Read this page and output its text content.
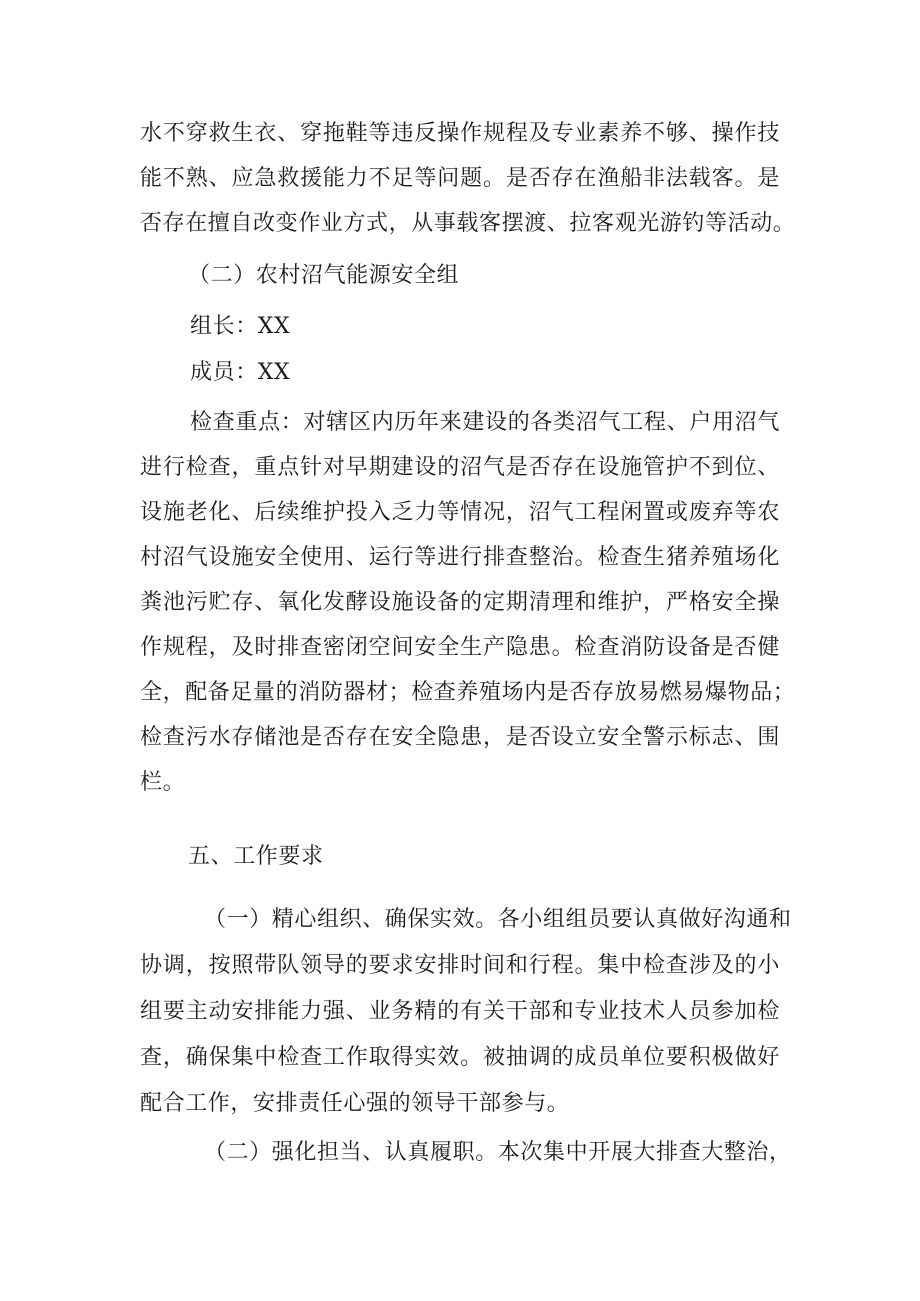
水不穿救生衣、穿拖鞋等违反操作规程及专业素养不够、操作技
能不熟、应急救援能力不足等问题。是否存在渔船非法载客。是
否存在擅自改变作业方式，从事载客摆渡、拉客观光游钓等活动。
（二）农村沼气能源安全组
组长：XX
成员：XX
检查重点：对辖区内历年来建设的各类沼气工程、户用沼气
进行检查，重点针对早期建设的沼气是否存在设施管护不到位、
设施老化、后续维护投入乏力等情况，沼气工程闲置或废弃等农
村沼气设施安全使用、运行等进行排查整治。检查生猪养殖场化
粪池污贮存、氧化发酵设施设备的定期清理和维护，严格安全操
作规程，及时排查密闭空间安全生产隐患。检查消防设备是否健
全，配备足量的消防器材；检查养殖场内是否存放易燃易爆物品；
检查污水存储池是否存在安全隐患，是否设立安全警示标志、围
栏。
五、工作要求
（一）精心组织、确保实效。各小组组员要认真做好沟通和
协调，按照带队领导的要求安排时间和行程。集中检查涉及的小
组要主动安排能力强、业务精的有关干部和专业技术人员参加检
查，确保集中检查工作取得实效。被抽调的成员单位要积极做好
配合工作，安排责任心强的领导干部参与。
（二）强化担当、认真履职。本次集中开展大排查大整治，
